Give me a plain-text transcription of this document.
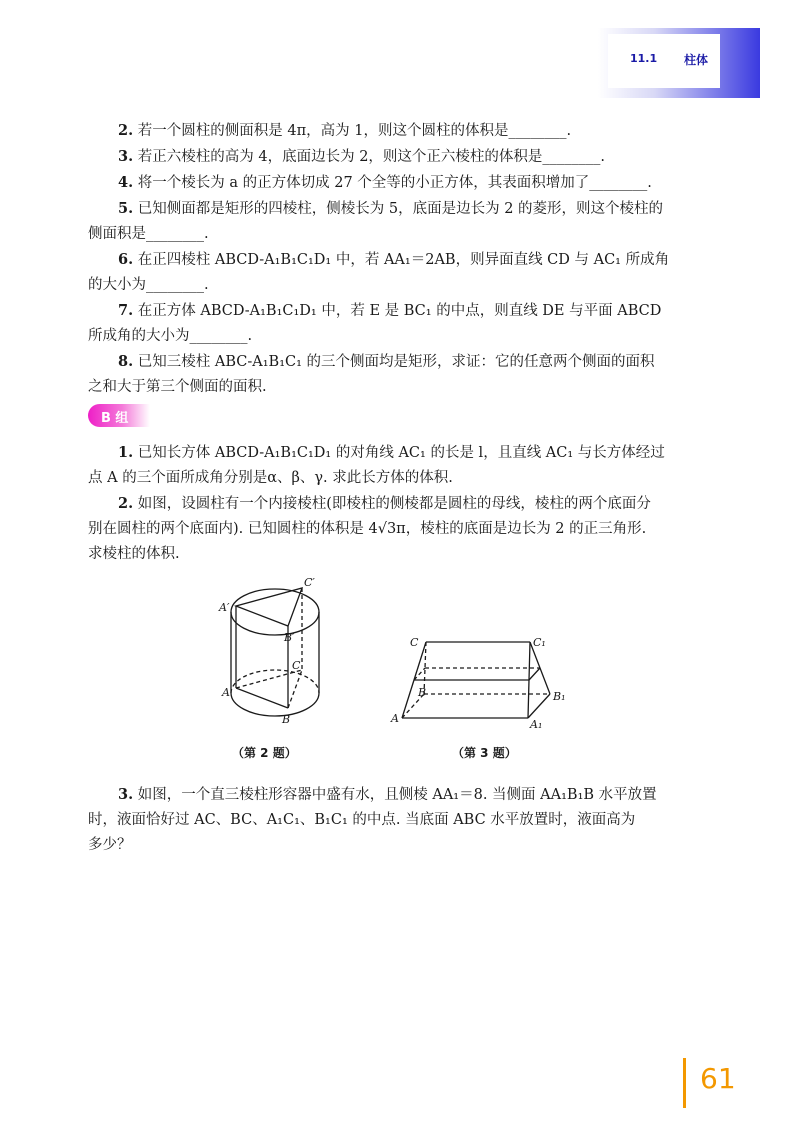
11.1 柱体

2. 若一个圆柱的侧面积是 4π，高为 1，则这个圆柱的体积是________.

3. 若正六棱柱的高为 4，底面边长为 2，则这个正六棱柱的体积是________.

4. 将一个棱长为 a 的正方体切成 27 个全等的小正方体，其表面积增加了________.

5. 已知侧面都是矩形的四棱柱，侧棱长为 5，底面是边长为 2 的菱形，则这个棱柱的

侧面积是________.

6. 在正四棱柱 ABCD-A₁B₁C₁D₁ 中，若 AA₁＝2AB，则异面直线 CD 与 AC₁ 所成角

的大小为________.

7. 在正方体 ABCD-A₁B₁C₁D₁ 中，若 E 是 BC₁ 的中点，则直线 DE 与平面 ABCD

所成角的大小为________.

8. 已知三棱柱 ABC-A₁B₁C₁ 的三个侧面均是矩形，求证：它的任意两个侧面的面积

之和大于第三个侧面的面积.

B 组

1. 已知长方体 ABCD-A₁B₁C₁D₁ 的对角线 AC₁ 的长是 l，且直线 AC₁ 与长方体经过

点 A 的三个面所成角分别是α、β、γ. 求此长方体的体积.

2. 如图，设圆柱有一个内接棱柱(即棱柱的侧棱都是圆柱的母线，棱柱的两个底面分

别在圆柱的两个底面内). 已知圆柱的体积是 4√3π，棱柱的底面是边长为 2 的正三角形.

求棱柱的体积.

A′
C′
B′
C
A
B
（第 2 题）
C	C₁
B	B₁
A	A₁
（第 3 题）

3. 如图，一个直三棱柱形容器中盛有水，且侧棱 AA₁＝8. 当侧面 AA₁B₁B 水平放置

时，液面恰好过 AC、BC、A₁C₁、B₁C₁ 的中点. 当底面 ABC 水平放置时，液面高为

多少？

61
